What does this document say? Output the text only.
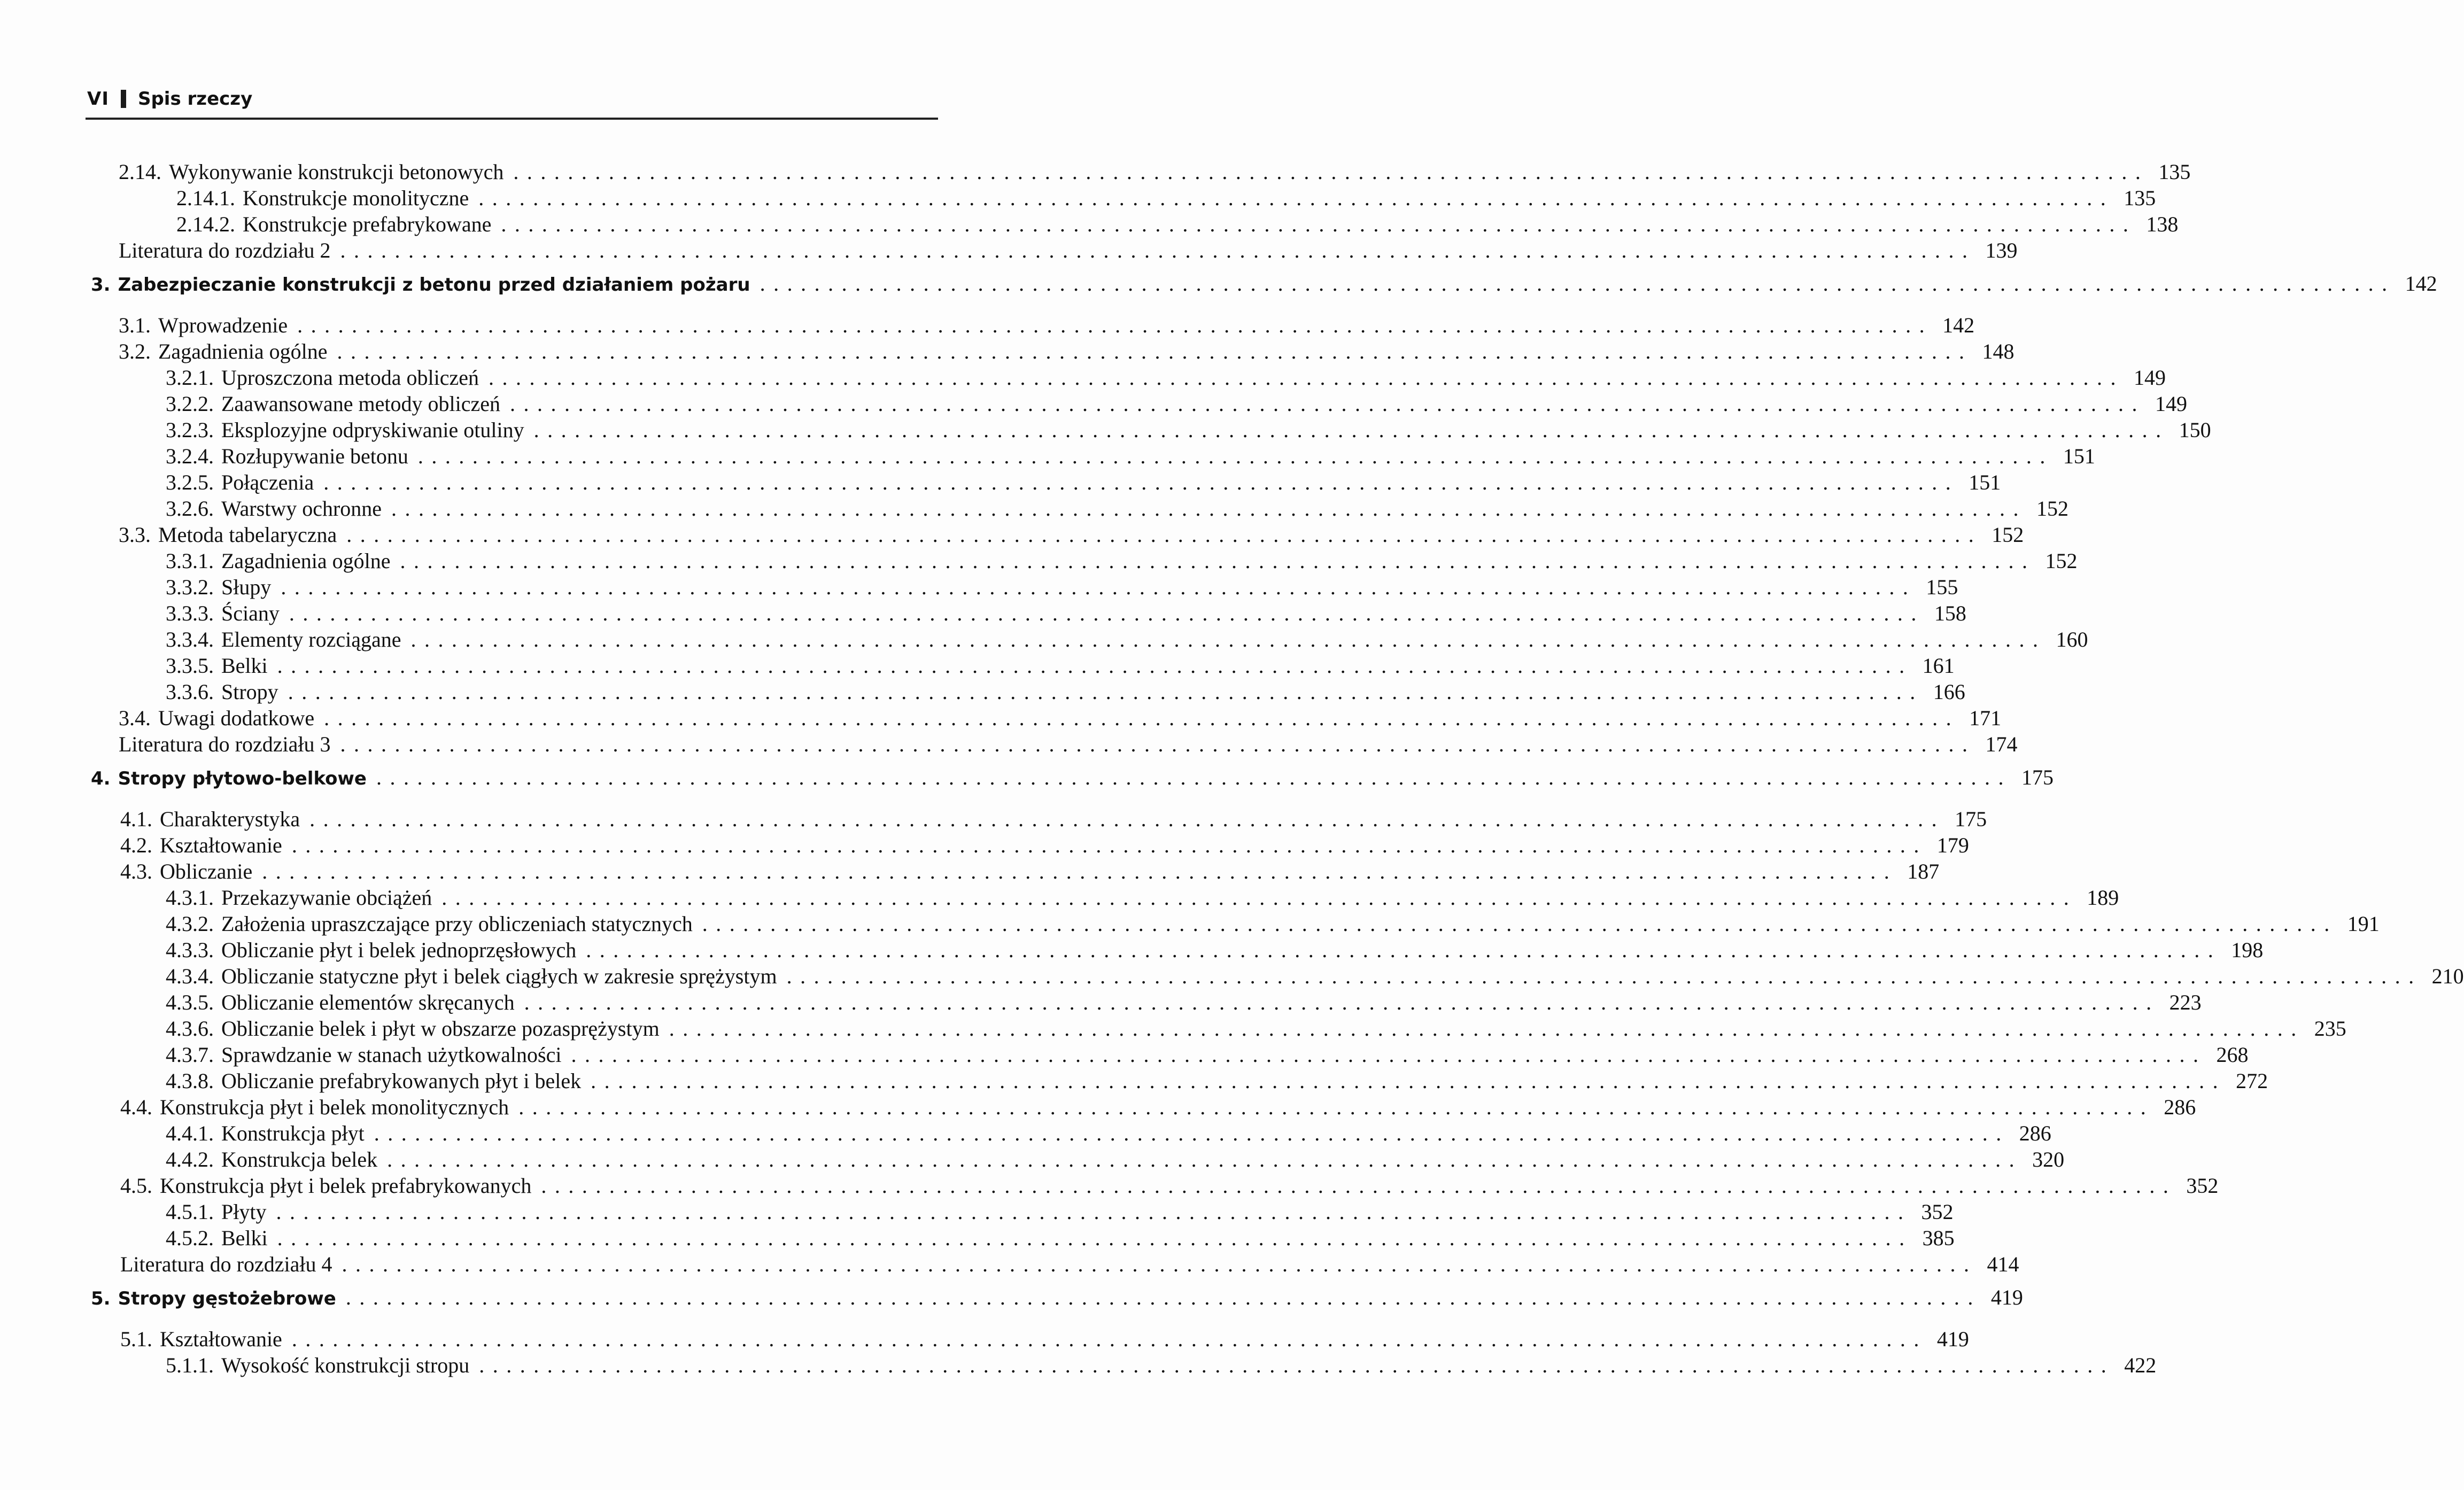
VI Spis rzeczy
2.14. Wykonywanie konstrukcji betonowych ........................................................................................................................ 135
2.14.1. Konstrukcje monolityczne ........................................................................................................................ 135
2.14.2. Konstrukcje prefabrykowane ........................................................................................................................ 138
Literatura do rozdziału 2 ........................................................................................................................ 139
3. Zabezpieczanie konstrukcji z betonu przed działaniem pożaru ........................................................................................................................ 142
3.1. Wprowadzenie ........................................................................................................................ 142
3.2. Zagadnienia ogólne ........................................................................................................................ 148
3.2.1. Uproszczona metoda obliczeń ........................................................................................................................ 149
3.2.2. Zaawansowane metody obliczeń ........................................................................................................................ 149
3.2.3. Eksplozyjne odpryskiwanie otuliny ........................................................................................................................ 150
3.2.4. Rozłupywanie betonu ........................................................................................................................ 151
3.2.5. Połączenia ........................................................................................................................ 151
3.2.6. Warstwy ochronne ........................................................................................................................ 152
3.3. Metoda tabelaryczna ........................................................................................................................ 152
3.3.1. Zagadnienia ogólne ........................................................................................................................ 152
3.3.2. Słupy ........................................................................................................................ 155
3.3.3. Ściany ........................................................................................................................ 158
3.3.4. Elementy rozciągane ........................................................................................................................ 160
3.3.5. Belki ........................................................................................................................ 161
3.3.6. Stropy ........................................................................................................................ 166
3.4. Uwagi dodatkowe ........................................................................................................................ 171
Literatura do rozdziału 3 ........................................................................................................................ 174
4. Stropy płytowo-belkowe ........................................................................................................................ 175
4.1. Charakterystyka ........................................................................................................................ 175
4.2. Kształtowanie ........................................................................................................................ 179
4.3. Obliczanie ........................................................................................................................ 187
4.3.1. Przekazywanie obciążeń ........................................................................................................................ 189
4.3.2. Założenia upraszczające przy obliczeniach statycznych ........................................................................................................................ 191
4.3.3. Obliczanie płyt i belek jednoprzęsłowych ........................................................................................................................ 198
4.3.4. Obliczanie statyczne płyt i belek ciągłych w zakresie sprężystym ........................................................................................................................ 210
4.3.5. Obliczanie elementów skręcanych ........................................................................................................................ 223
4.3.6. Obliczanie belek i płyt w obszarze pozasprężystym ........................................................................................................................ 235
4.3.7. Sprawdzanie w stanach użytkowalności ........................................................................................................................ 268
4.3.8. Obliczanie prefabrykowanych płyt i belek ........................................................................................................................ 272
4.4. Konstrukcja płyt i belek monolitycznych ........................................................................................................................ 286
4.4.1. Konstrukcja płyt ........................................................................................................................ 286
4.4.2. Konstrukcja belek ........................................................................................................................ 320
4.5. Konstrukcja płyt i belek prefabrykowanych ........................................................................................................................ 352
4.5.1. Płyty ........................................................................................................................ 352
4.5.2. Belki ........................................................................................................................ 385
Literatura do rozdziału 4 ........................................................................................................................ 414
5. Stropy gęstożebrowe ........................................................................................................................ 419
5.1. Kształtowanie ........................................................................................................................ 419
5.1.1. Wysokość konstrukcji stropu ........................................................................................................................ 422
